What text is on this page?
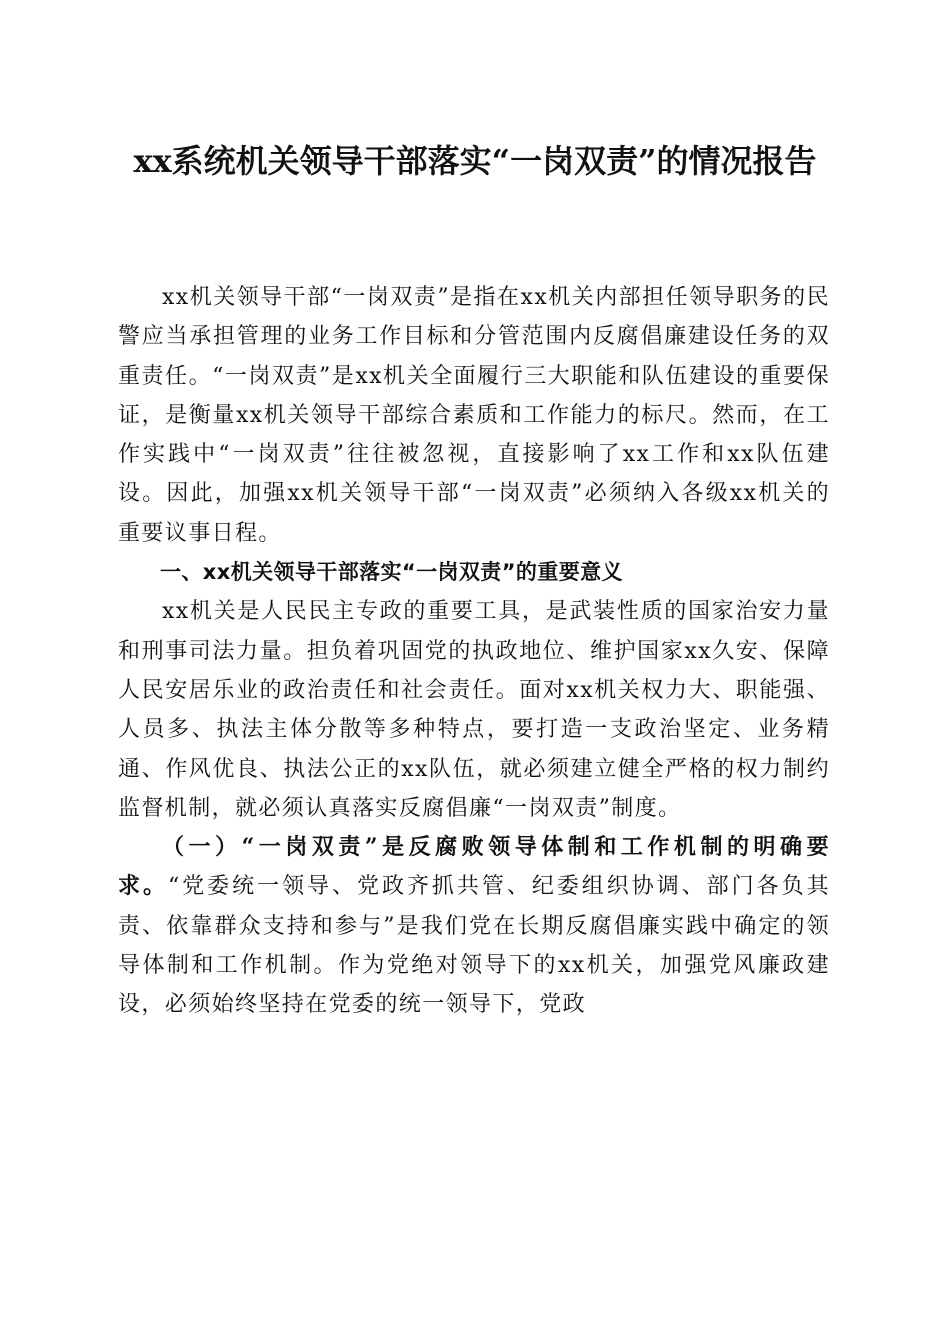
xx系统机关领导干部落实“一岗双责”的情况报告

xx机关领导干部“一岗双责”是指在xx机关内部担任领导职务的民警应当承担管理的业务工作目标和分管范围内反腐倡廉建设任务的双重责任。“一岗双责”是xx机关全面履行三大职能和队伍建设的重要保证，是衡量xx机关领导干部综合素质和工作能力的标尺。然而，在工作实践中“一岗双责”往往被忽视，直接影响了xx工作和xx队伍建设。因此，加强xx机关领导干部“一岗双责”必须纳入各级xx机关的重要议事日程。

一、xx机关领导干部落实“一岗双责”的重要意义

xx机关是人民民主专政的重要工具，是武装性质的国家治安力量和刑事司法力量。担负着巩固党的执政地位、维护国家xx久安、保障人民安居乐业的政治责任和社会责任。面对xx机关权力大、职能强、人员多、执法主体分散等多种特点，要打造一支政治坚定、业务精通、作风优良、执法公正的xx队伍，就必须建立健全严格的权力制约监督机制，就必须认真落实反腐倡廉“一岗双责”制度。

（一）“一岗双责”是反腐败领导体制和工作机制的明确要求。“党委统一领导、党政齐抓共管、纪委组织协调、部门各负其责、依靠群众支持和参与”是我们党在长期反腐倡廉实践中确定的领导体制和工作机制。作为党绝对领导下的xx机关，加强党风廉政建设，必须始终坚持在党委的统一领导下，党政
